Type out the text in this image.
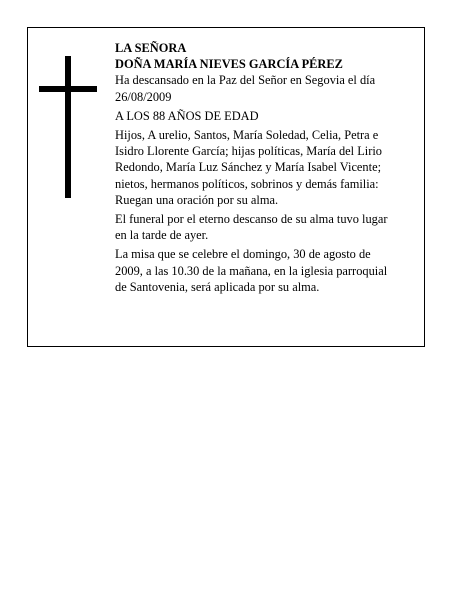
LA SEÑORA

DOÑA MARÍA NIEVES GARCÍA PÉREZ

Ha descansado en la Paz del Señor en Segovia el día

26/08/2009

A LOS 88 AÑOS DE EDAD

Hijos, A urelio, Santos, María Soledad, Celia, Petra e

Isidro Llorente García; hijas políticas, María del Lirio

Redondo, María Luz Sánchez y María Isabel Vicente;

nietos, hermanos políticos, sobrinos y demás familia:

Ruegan una oración por su alma.

El funeral por el eterno descanso de su alma tuvo lugar

en la tarde de ayer.

La misa que se celebre el domingo, 30 de agosto de

2009, a las 10.30 de la mañana, en la iglesia parroquial

de Santovenia, será aplicada por su alma.
